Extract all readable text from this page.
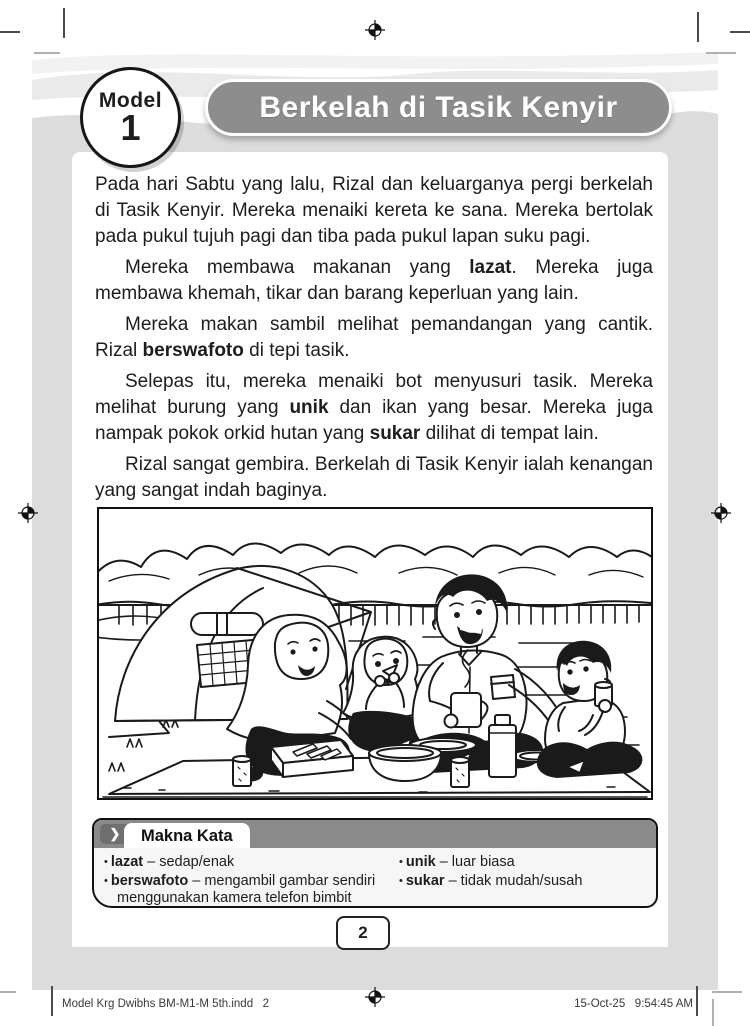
Model
1	Berkelah di Tasik Kenyir

Pada hari Sabtu yang lalu, Rizal dan keluarganya pergi berkelah di Tasik Kenyir. Mereka menaiki kereta ke sana. Mereka bertolak pada pukul tujuh pagi dan tiba pada pukul lapan suku pagi.

Mereka membawa makanan yang lazat. Mereka juga membawa khemah, tikar dan barang keperluan yang lain.

Mereka makan sambil melihat pemandangan yang cantik. Rizal berswafoto di tepi tasik.

Selepas itu, mereka menaiki bot menyusuri tasik. Mereka melihat burung yang unik dan ikan yang besar. Mereka juga nampak pokok orkid hutan yang sukar dilihat di tempat lain.

Rizal sangat gembira. Berkelah di Tasik Kenyir ialah kenangan yang sangat indah baginya.

❯	Makna Kata
• lazat – sedap/enak
• berswafoto – mengambil gambar sendiri menggunakan kamera telefon bimbit
• unik – luar biasa
• sukar – tidak mudah/susah
2
Model Krg Dwibhs BM-M1-M 5th.indd   2	15-Oct-25   9:54:45 AM
